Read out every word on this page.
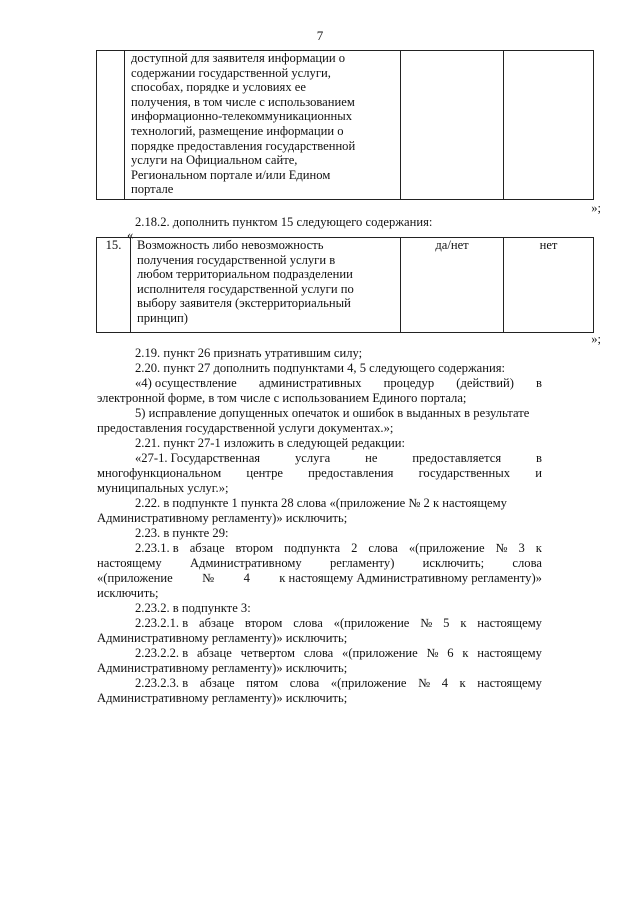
7

доступной для заявителя информации о
содержании государственной услуги,
способах, порядке и условиях ее
получения, в том числе с использованием
информационно-телекоммуникационных
технологий, размещение информации о
порядке предоставления государственной
услуги на Официальном сайте,
Региональном портале и/или Едином
портале

2.18.2. дополнить пунктом 15 следующего содержания:
»;
«
15.	Возможность либо невозможность
получения государственной услуги в
любом территориальном подразделении
исполнителя государственной услуги по
выбору заявителя (экстерриториальный
принцип)

да/нет	нет
»;
2.19. пункт 26 признать утратившим силу;
2.20. пункт 27 дополнить подпунктами 4, 5 следующего содержания:
«4) осуществление административных процедур (действий) в
электронной форме, в том числе с использованием Единого портала;
5) исправление допущенных опечаток и ошибок в выданных в результате
предоставления государственной услуги документах.»;
2.21. пункт 27-1 изложить в следующей редакции:
«27-1. Государственная	услуга	не	предоставляется	в
многофункциональном центре предоставления государственных и
муниципальных услуг.»;
2.22. в подпункте 1 пункта 28 слова «(приложение № 2 к настоящему
Административному регламенту)» исключить;
2.23. в пункте 29:
2.23.1. в абзаце втором подпункта 2 слова «(приложение № 3 к
настоящему Административному регламенту) исключить; слова
«(приложение № 4 к настоящему Административному регламенту)»
исключить;
2.23.2. в подпункте 3:
2.23.2.1. в абзаце втором слова «(приложение № 5 к настоящему
Административному регламенту)» исключить;
2.23.2.2. в абзаце четвертом слова «(приложение № 6 к настоящему
Административному регламенту)» исключить;
2.23.2.3. в абзаце пятом слова «(приложение № 4 к настоящему
Административному регламенту)» исключить;
